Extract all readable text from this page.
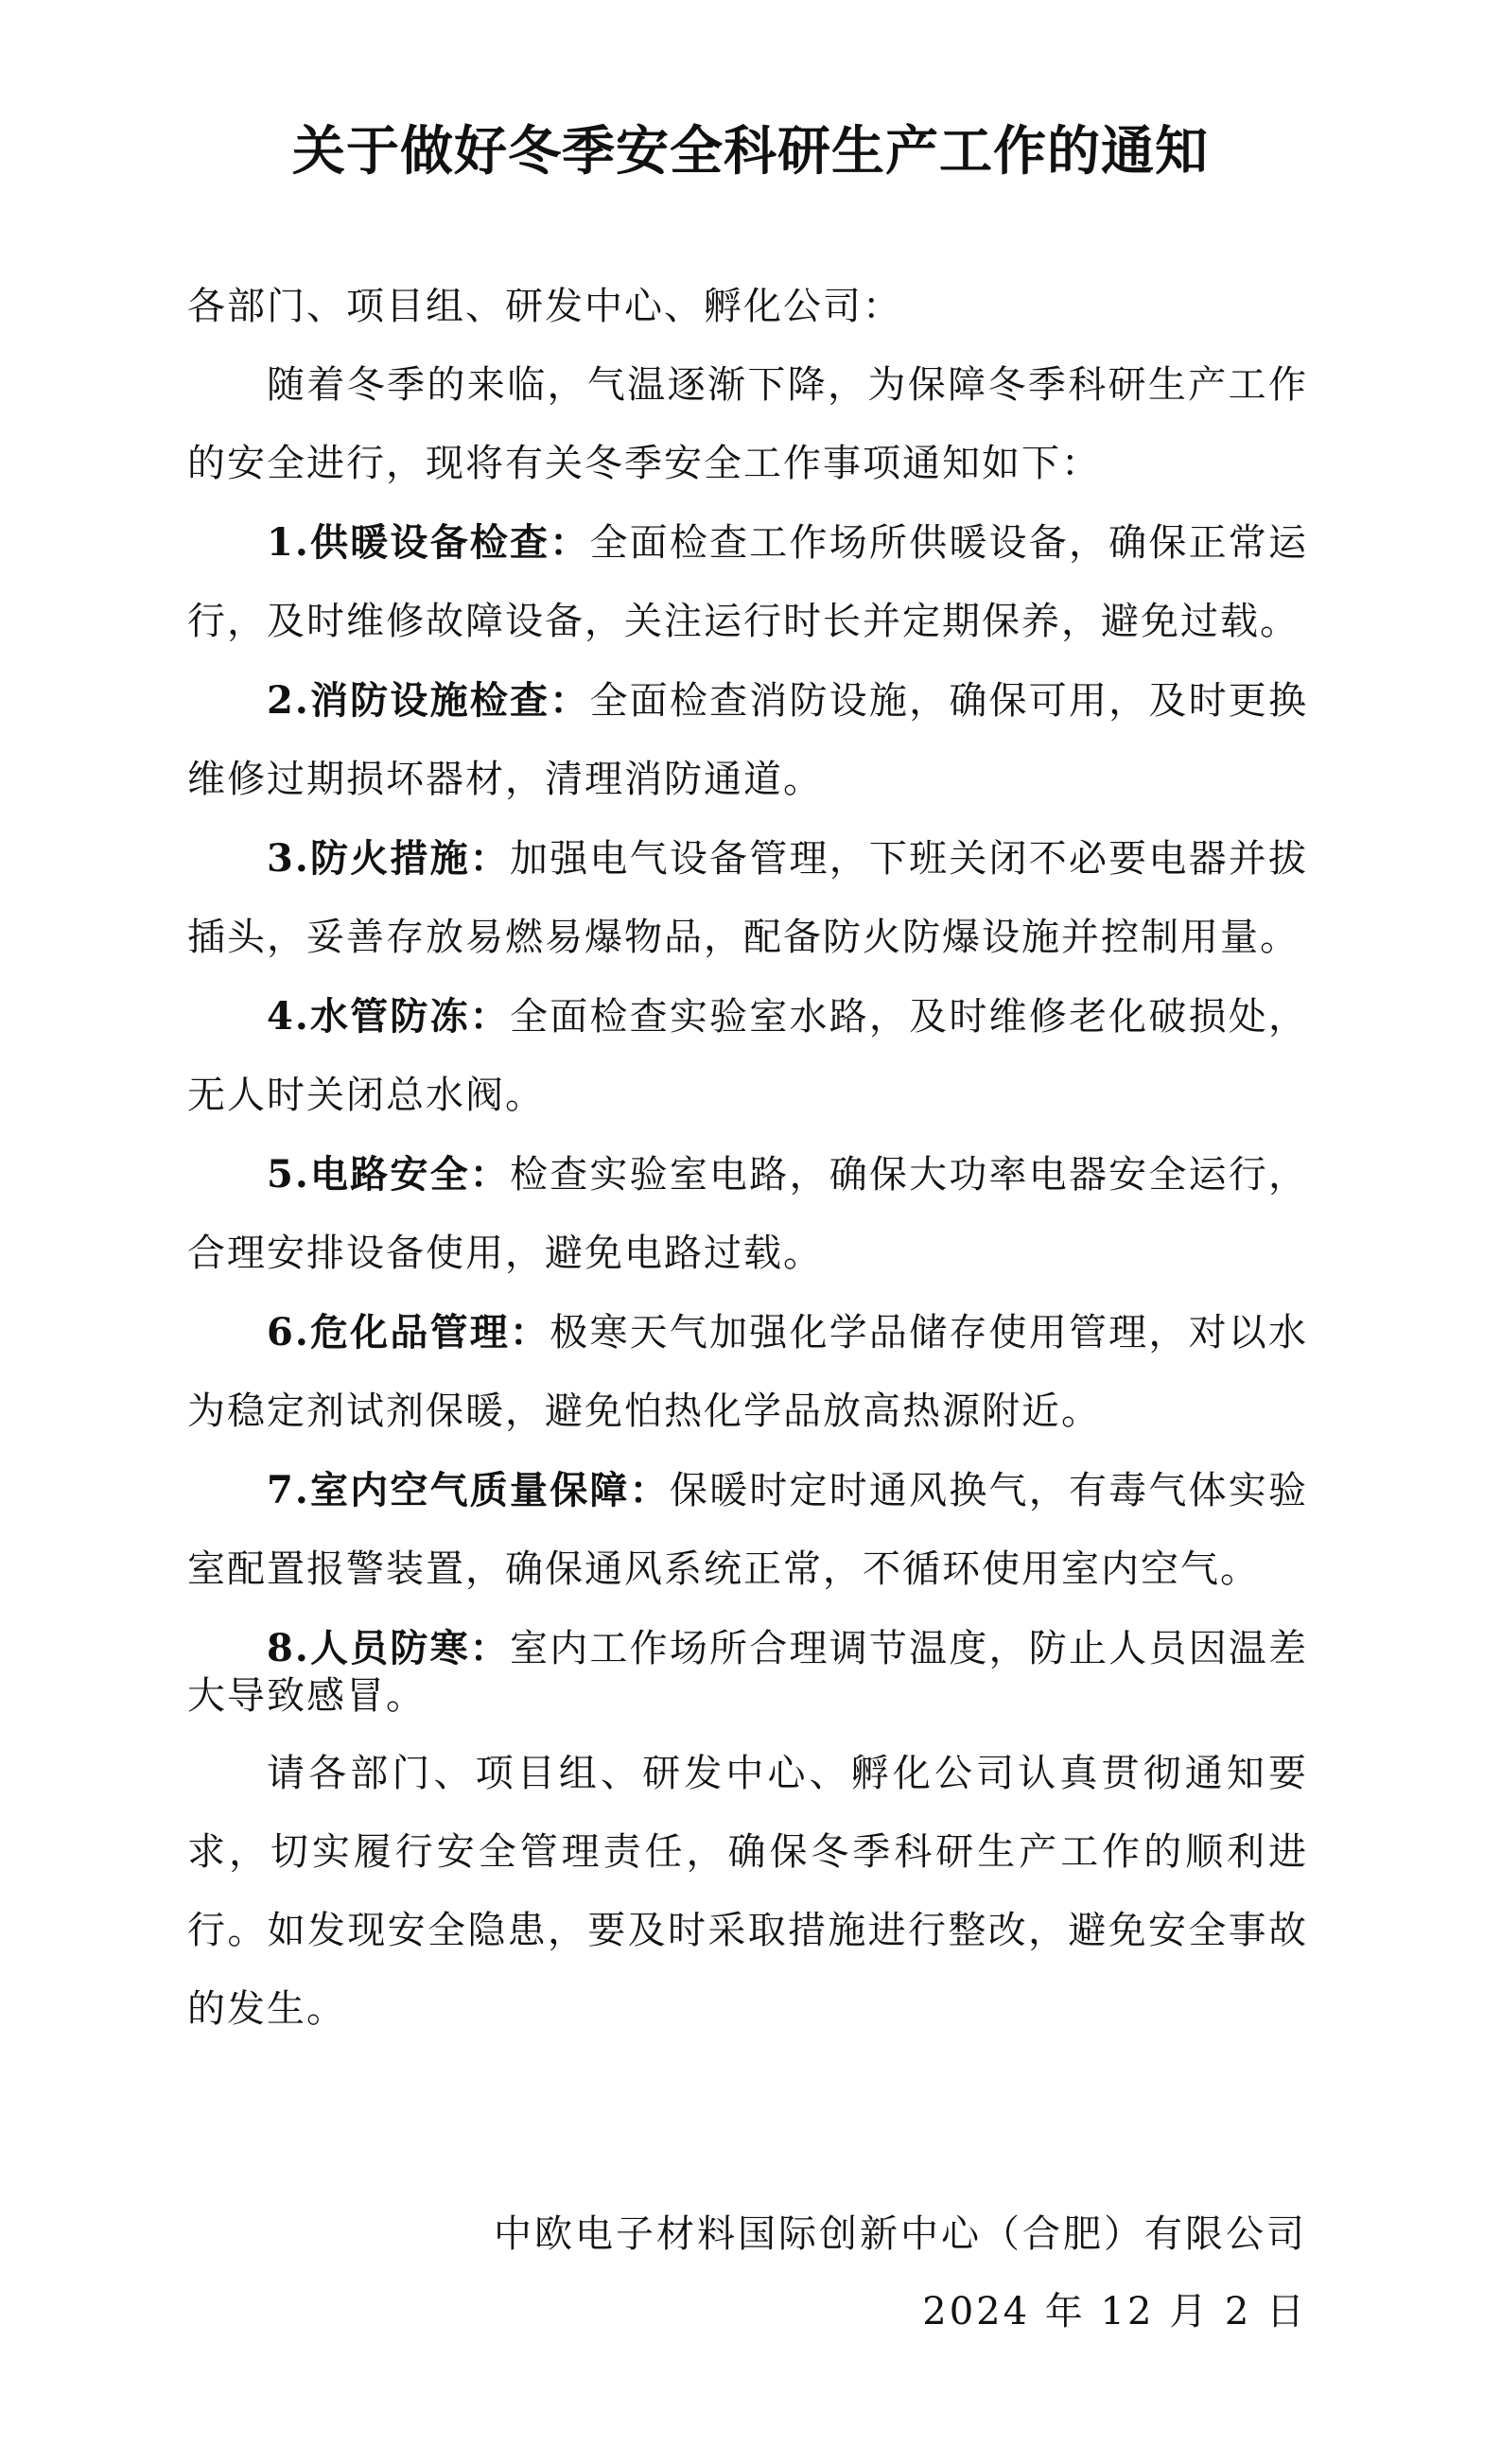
关于做好冬季安全科研生产工作的通知

各部门、项目组、研发中心、孵化公司：

随着冬季的来临，气温逐渐下降，为保障冬季科研生产工作的安全进行，现将有关冬季安全工作事项通知如下：

1.供暖设备检查：全面检查工作场所供暖设备，确保正常运行，及时维修故障设备，关注运行时长并定期保养，避免过载。

2.消防设施检查：全面检查消防设施，确保可用，及时更换维修过期损坏器材，清理消防通道。

3.防火措施：加强电气设备管理，下班关闭不必要电器并拔插头，妥善存放易燃易爆物品，配备防火防爆设施并控制用量。

4.水管防冻：全面检查实验室水路，及时维修老化破损处，无人时关闭总水阀。

5.电路安全：检查实验室电路，确保大功率电器安全运行，合理安排设备使用，避免电路过载。

6.危化品管理：极寒天气加强化学品储存使用管理，对以水为稳定剂试剂保暖，避免怕热化学品放高热源附近。

7.室内空气质量保障：保暖时定时通风换气，有毒气体实验室配置报警装置，确保通风系统正常，不循环使用室内空气。

8.人员防寒：室内工作场所合理调节温度，防止人员因温差大导致感冒。

请各部门、项目组、研发中心、孵化公司认真贯彻通知要求，切实履行安全管理责任，确保冬季科研生产工作的顺利进行。如发现安全隐患，要及时采取措施进行整改，避免安全事故的发生。

中欧电子材料国际创新中心（合肥）有限公司
2024 年 12 月 2 日
